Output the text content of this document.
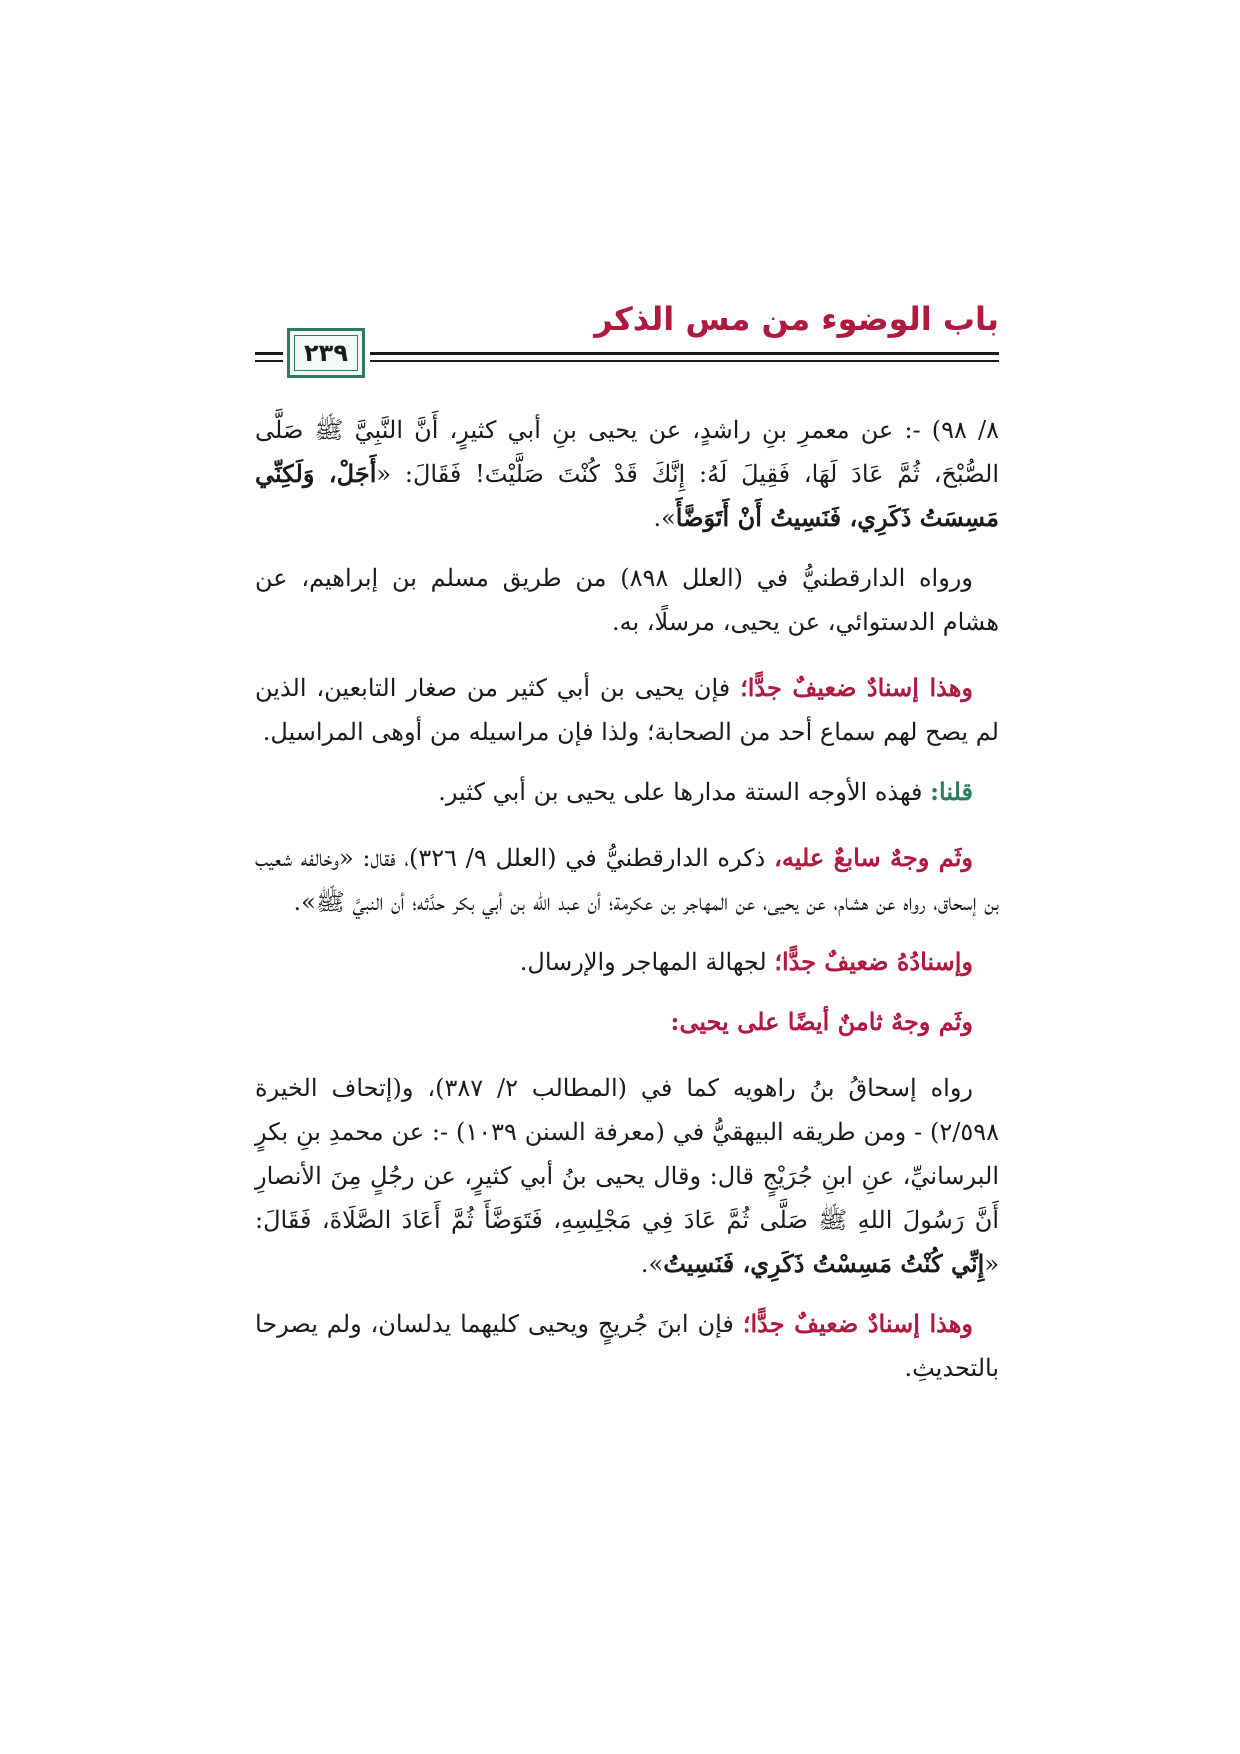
باب الوضوء من مس الذكر
٢٣٩

٨/ ٩٨) -: عن معمرِ بنِ راشدٍ، عن يحيى بنِ أبي كثيرٍ، أَنَّ النَّبِيَّ ﷺ صَلَّى الصُّبْحَ، ثُمَّ عَادَ لَهَا، فَقِيلَ لَهُ: إِنَّكَ قَدْ كُنْتَ صَلَّيْتَ! فَقَالَ: «أَجَلْ، وَلَكِنِّي مَسِسَتُ ذَكَرِي، فَنَسِيتُ أَنْ أَتَوَضَّأَ».

ورواه الدارقطنيُّ في (العلل ٨٩٨) من طريق مسلم بن إبراهيم، عن هشام الدستوائي، عن يحيى، مرسلًا، به.

وهذا إسنادٌ ضعيفٌ جدًّا؛ فإن يحيى بن أبي كثير من صغار التابعين، الذين لم يصح لهم سماع أحد من الصحابة؛ ولذا فإن مراسيله من أوهى المراسيل.

قلنا: فهذه الأوجه الستة مدارها على يحيى بن أبي كثير.

وثَم وجهٌ سابعٌ عليه، ذكره الدارقطنيُّ في (العلل ٩/ ٣٢٦)، فقال: «وخالفه شعيب بن إسحاق، رواه عن هشام، عن يحيى، عن المهاجر بن عكرمة؛ أن عبد الله بن أبي بكر حدَّثه؛ أن النبيَّ ﷺ».

وإسنادُهُ ضعيفٌ جدًّا؛ لجهالة المهاجر والإرسال.

وثَم وجهٌ ثامنٌ أيضًا على يحيى:

رواه إسحاقُ بنُ راهويه كما في (المطالب ٢/ ٣٨٧)، و(إتحاف الخيرة ٢/٥٩٨) - ومن طريقه البيهقيُّ في (معرفة السنن ١٠٣٩) -: عن محمدِ بنِ بكرٍ البرسانيِّ، عنِ ابنِ جُرَيْجٍ قال: وقال يحيى بنُ أبي كثيرٍ، عن رجُلٍ مِنَ الأنصارِ أَنَّ رَسُولَ اللهِ ﷺ صَلَّى ثُمَّ عَادَ فِي مَجْلِسِهِ، فَتَوَضَّأَ ثُمَّ أَعَادَ الصَّلَاةَ، فَقَالَ: «إِنِّي كُنْتُ مَسِسْتُ ذَكَرِي، فَنَسِيتُ».

وهذا إسنادٌ ضعيفٌ جدًّا؛ فإن ابنَ جُريجٍ ويحيى كليهما يدلسان، ولم يصرحا بالتحديثِ.
